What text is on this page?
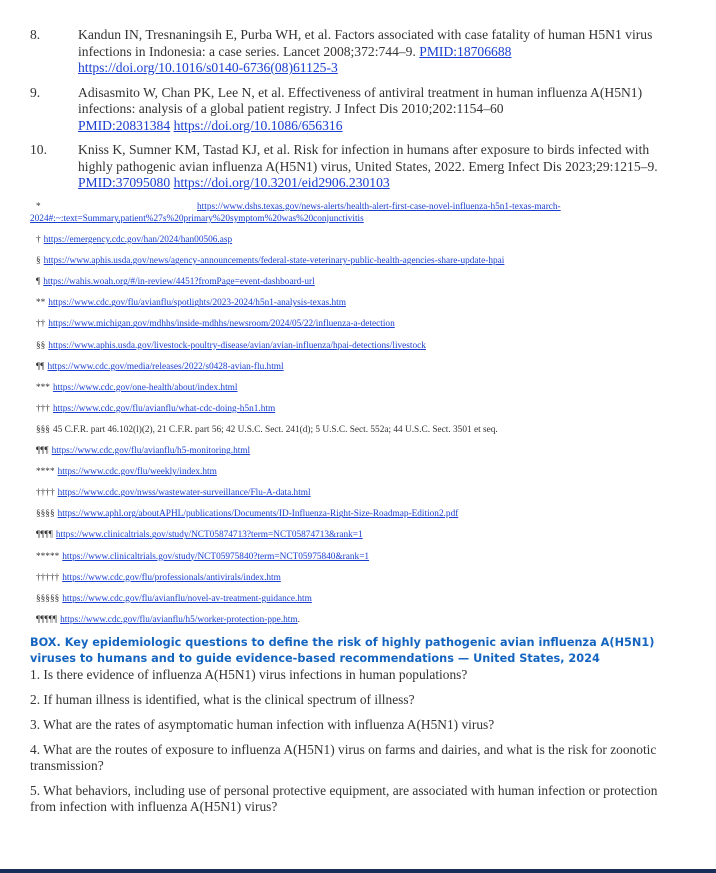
8.	Kandun IN, Tresnaningsih E, Purba WH, et al. Factors associated with case fatality of human H5N1 virus infections in Indonesia: a case series. Lancet 2008;372:744–9. PMID:18706688
https://doi.org/10.1016/s0140-6736(08)61125-3
9.	Adisasmito W, Chan PK, Lee N, et al. Effectiveness of antiviral treatment in human influenza A(H5N1) infections: analysis of a global patient registry. J Infect Dis 2010;202:1154–60
PMID:20831384 https://doi.org/10.1086/656316
10.	Kniss K, Sumner KM, Tastad KJ, et al. Risk for infection in humans after exposure to birds infected with highly pathogenic avian influenza A(H5N1) virus, United States, 2022. Emerg Infect Dis 2023;29:1215–9. PMID:37095080 https://doi.org/10.3201/eid2906.230103
*	https://www.dshs.texas.gov/news-alerts/health-alert-first-case-novel-influenza-h5n1-texas-march-
2024#:~:text=Summary,patient%27s%20primary%20symptom%20was%20conjunctivitis
† https://emergency.cdc.gov/han/2024/han00506.asp
§ https://www.aphis.usda.gov/news/agency-announcements/federal-state-veterinary-public-health-agencies-share-update-hpai
¶ https://wahis.woah.org/#/in-review/4451?fromPage=event-dashboard-url
** https://www.cdc.gov/flu/avianflu/spotlights/2023-2024/h5n1-analysis-texas.htm
†† https://www.michigan.gov/mdhhs/inside-mdhhs/newsroom/2024/05/22/influenza-a-detection
§§ https://www.aphis.usda.gov/livestock-poultry-disease/avian/avian-influenza/hpai-detections/livestock
¶¶ https://www.cdc.gov/media/releases/2022/s0428-avian-flu.html
*** https://www.cdc.gov/one-health/about/index.html
††† https://www.cdc.gov/flu/avianflu/what-cdc-doing-h5n1.htm
§§§ 45 C.F.R. part 46.102(l)(2), 21 C.F.R. part 56; 42 U.S.C. Sect. 241(d); 5 U.S.C. Sect. 552a; 44 U.S.C. Sect. 3501 et seq.
¶¶¶ https://www.cdc.gov/flu/avianflu/h5-monitoring.html
**** https://www.cdc.gov/flu/weekly/index.htm
†††† https://www.cdc.gov/nwss/wastewater-surveillance/Flu-A-data.html
§§§§ https://www.aphl.org/aboutAPHL/publications/Documents/ID-Influenza-Right-Size-Roadmap-Edition2.pdf
¶¶¶¶ https://www.clinicaltrials.gov/study/NCT05874713?term=NCT05874713&rank=1
***** https://www.clinicaltrials.gov/study/NCT05975840?term=NCT05975840&rank=1
††††† https://www.cdc.gov/flu/professionals/antivirals/index.htm
§§§§§ https://www.cdc.gov/flu/avianflu/novel-av-treatment-guidance.htm
¶¶¶¶¶ https://www.cdc.gov/flu/avianflu/h5/worker-protection-ppe.htm.
BOX. Key epidemiologic questions to define the risk of highly pathogenic avian influenza A(H5N1) viruses to humans and to guide evidence-based recommendations — United States, 2024
1. Is there evidence of influenza A(H5N1) virus infections in human populations?
2. If human illness is identified, what is the clinical spectrum of illness?
3. What are the rates of asymptomatic human infection with influenza A(H5N1) virus?
4. What are the routes of exposure to influenza A(H5N1) virus on farms and dairies, and what is the risk for zoonotic transmission?
5. What behaviors, including use of personal protective equipment, are associated with human infection or protection from infection with influenza A(H5N1) virus?
